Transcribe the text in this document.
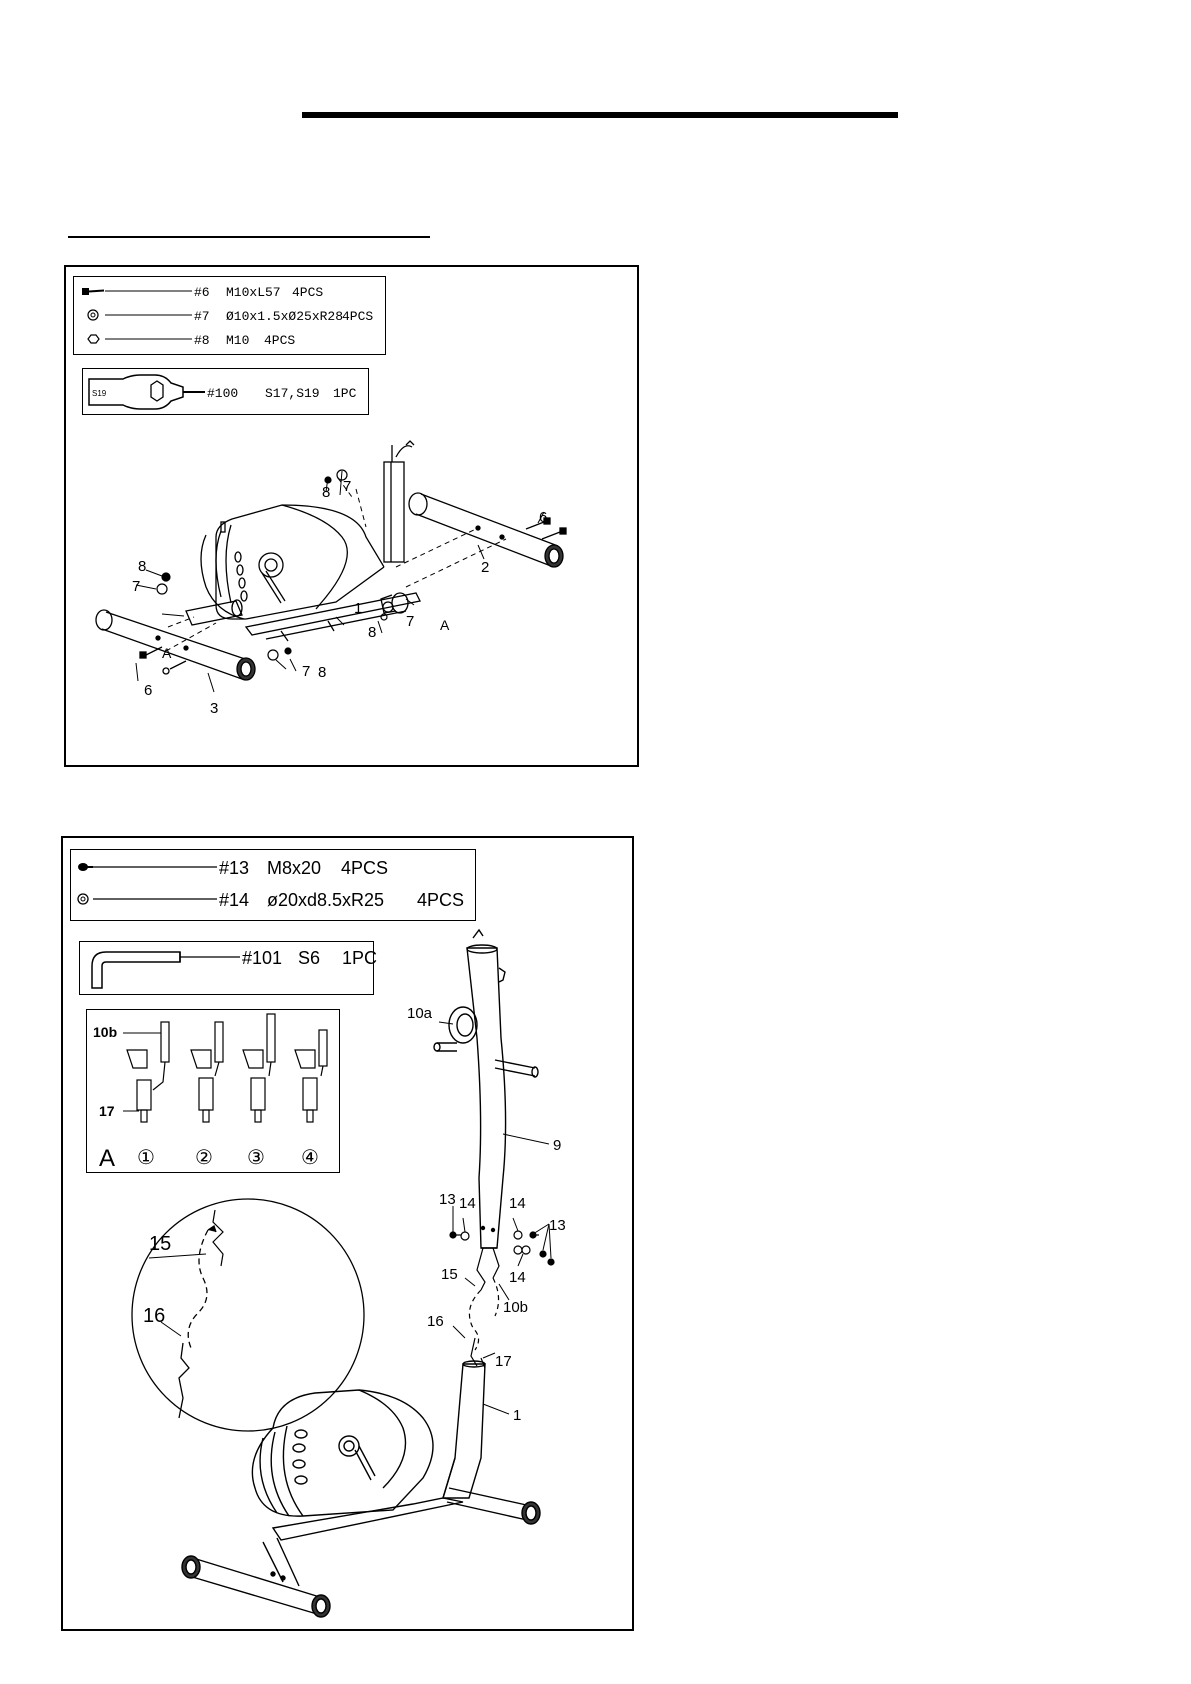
#6 M10xL57 4PCS
#7 Ø10x1.5xØ25xR284PCS
#8 M10 4PCS
S19	#100 S17,S19 1PC
1
2
3
6
6
7
7
7
7
8
8
8
8
A
A
#13 M8x20 4PCS
#14 ø20xd8.5xR25 4PCS
#101 S6 1PC
10b
17
A ① ② ③ ④
15
16
10a
9
13
13
14 14
14
15
10b
16
17
1
